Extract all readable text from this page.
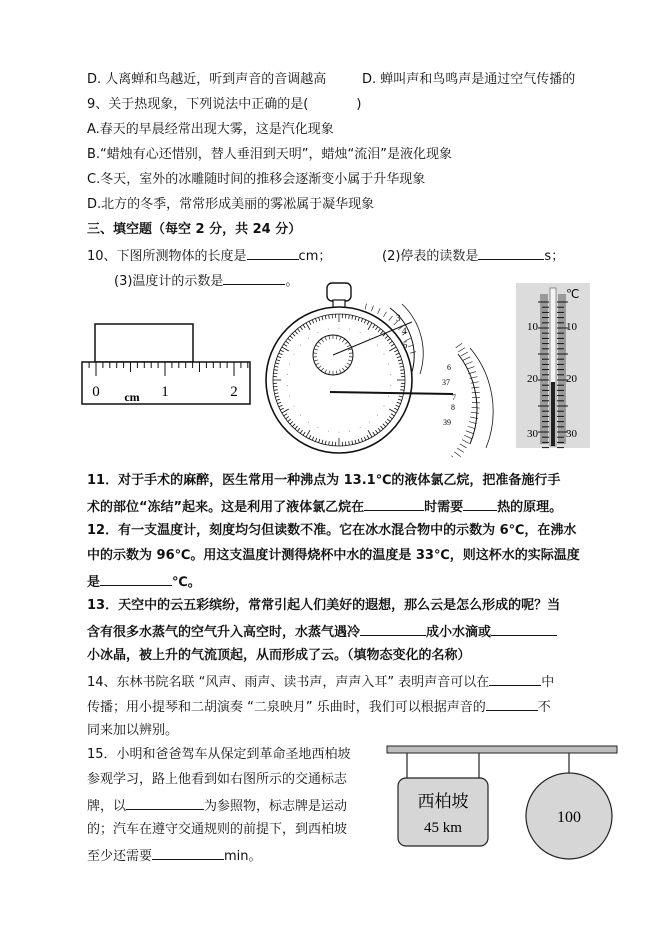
D. 人离蝉和鸟越近，听到声音的音调越高	D. 蝉叫声和鸟鸣声是通过空气传播的
9、关于热现象，下列说法中正确的是(	)
A.春天的早晨经常出现大雾，这是汽化现象
B.“蜡烛有心还惜别，替人垂泪到天明”，蜡烛“流泪”是液化现象
C.冬天，室外的冰雕随时间的推移会逐渐变小属于升华现象
D.北方的冬季，常常形成美丽的雾凇属于凝华现象
三、填空题（每空 2 分，共 24 分）
10、下图所测物体的长度是	cm；	(2)停表的读数是	s；
(3)温度计的示数是	。
0	1	2
cm
· ·
·
·
·
·
·
·
·
·
·
·
·
·
·
·
·
·
·
·
·
·
·
·
·
·
·
·
·
·
3
4
5
6
37
7
8
39
℃
10
20
30
10
20
30
11．对于手术的麻醉，医生常用一种沸点为 13.1℃的液体氯乙烷，把准备施行手
术的部位“冻结”起来。这是利用了液体氯乙烷在	时需要	热的原理。
12．有一支温度计，刻度均匀但读数不准。它在冰水混合物中的示数为 6℃，在沸水
中的示数为 96℃。用这支温度计测得烧杯中水的温度是 33℃，则这杯水的实际温度
是	℃。
13．天空中的云五彩缤纷，常常引起人们美好的遐想，那么云是怎么形成的呢？当
含有很多水蒸气的空气升入高空时，水蒸气遇冷	成小水滴或
小冰晶，被上升的气流顶起，从而形成了云。（填物态变化的名称）
14、东林书院名联 “风声、雨声、读书声，声声入耳” 表明声音可以在	中
传播；用小提琴和二胡演奏 “二泉映月” 乐曲时，我们可以根据声音的	不
同来加以辨别。
15．小明和爸爸驾车从保定到革命圣地西柏坡
参观学习，路上他看到如右图所示的交通标志
牌，以	为参照物，标志牌是运动
的；汽车在遵守交通规则的前提下，到西柏坡
至少还需要	min。
西柏坡
45 km
100
